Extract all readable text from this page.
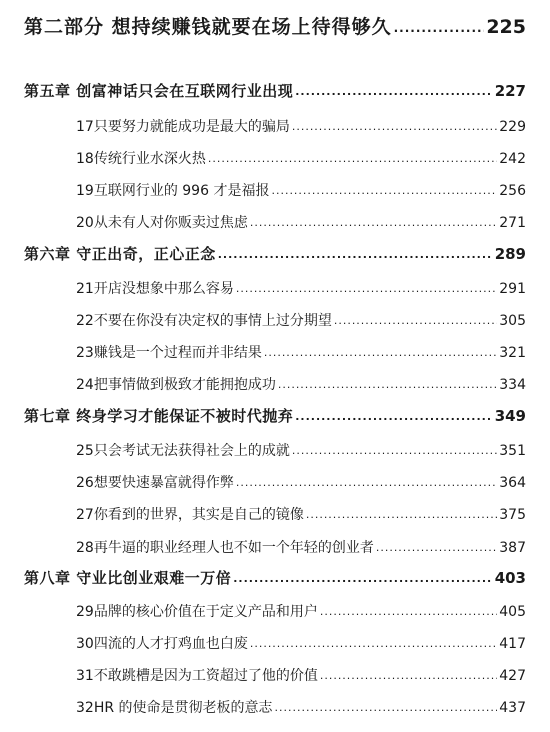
第二部分 想持续赚钱就要在场上待得够久 .....	225
第五章 创富神话只会在互联网行业出现 .....	227
17 只要努力就能成功是最大的骗局 .....	229
18 传统行业水深火热 .....	242
19 互联网行业的 996 才是福报 .....	256
20 从未有人对你贩卖过焦虑 .....	271
第六章 守正出奇，正心正念 .....	289
21 开店没想象中那么容易 .....	291
22 不要在你没有决定权的事情上过分期望 .....	305
23 赚钱是一个过程而并非结果 .....	321
24 把事情做到极致才能拥抱成功 .....	334
第七章 终身学习才能保证不被时代抛弃 .....	349
25 只会考试无法获得社会上的成就 .....	351
26 想要快速暴富就得作弊 .....	364
27 你看到的世界，其实是自己的镜像 .....	375
28 再牛逼的职业经理人也不如一个年轻的创业者 .....	387
第八章 守业比创业艰难一万倍 .....	403
29 品牌的核心价值在于定义产品和用户 .....	405
30 四流的人才打鸡血也白废 .....	417
31 不敢跳槽是因为工资超过了他的价值 .....	427
32 HR 的使命是贯彻老板的意志 .....	437
